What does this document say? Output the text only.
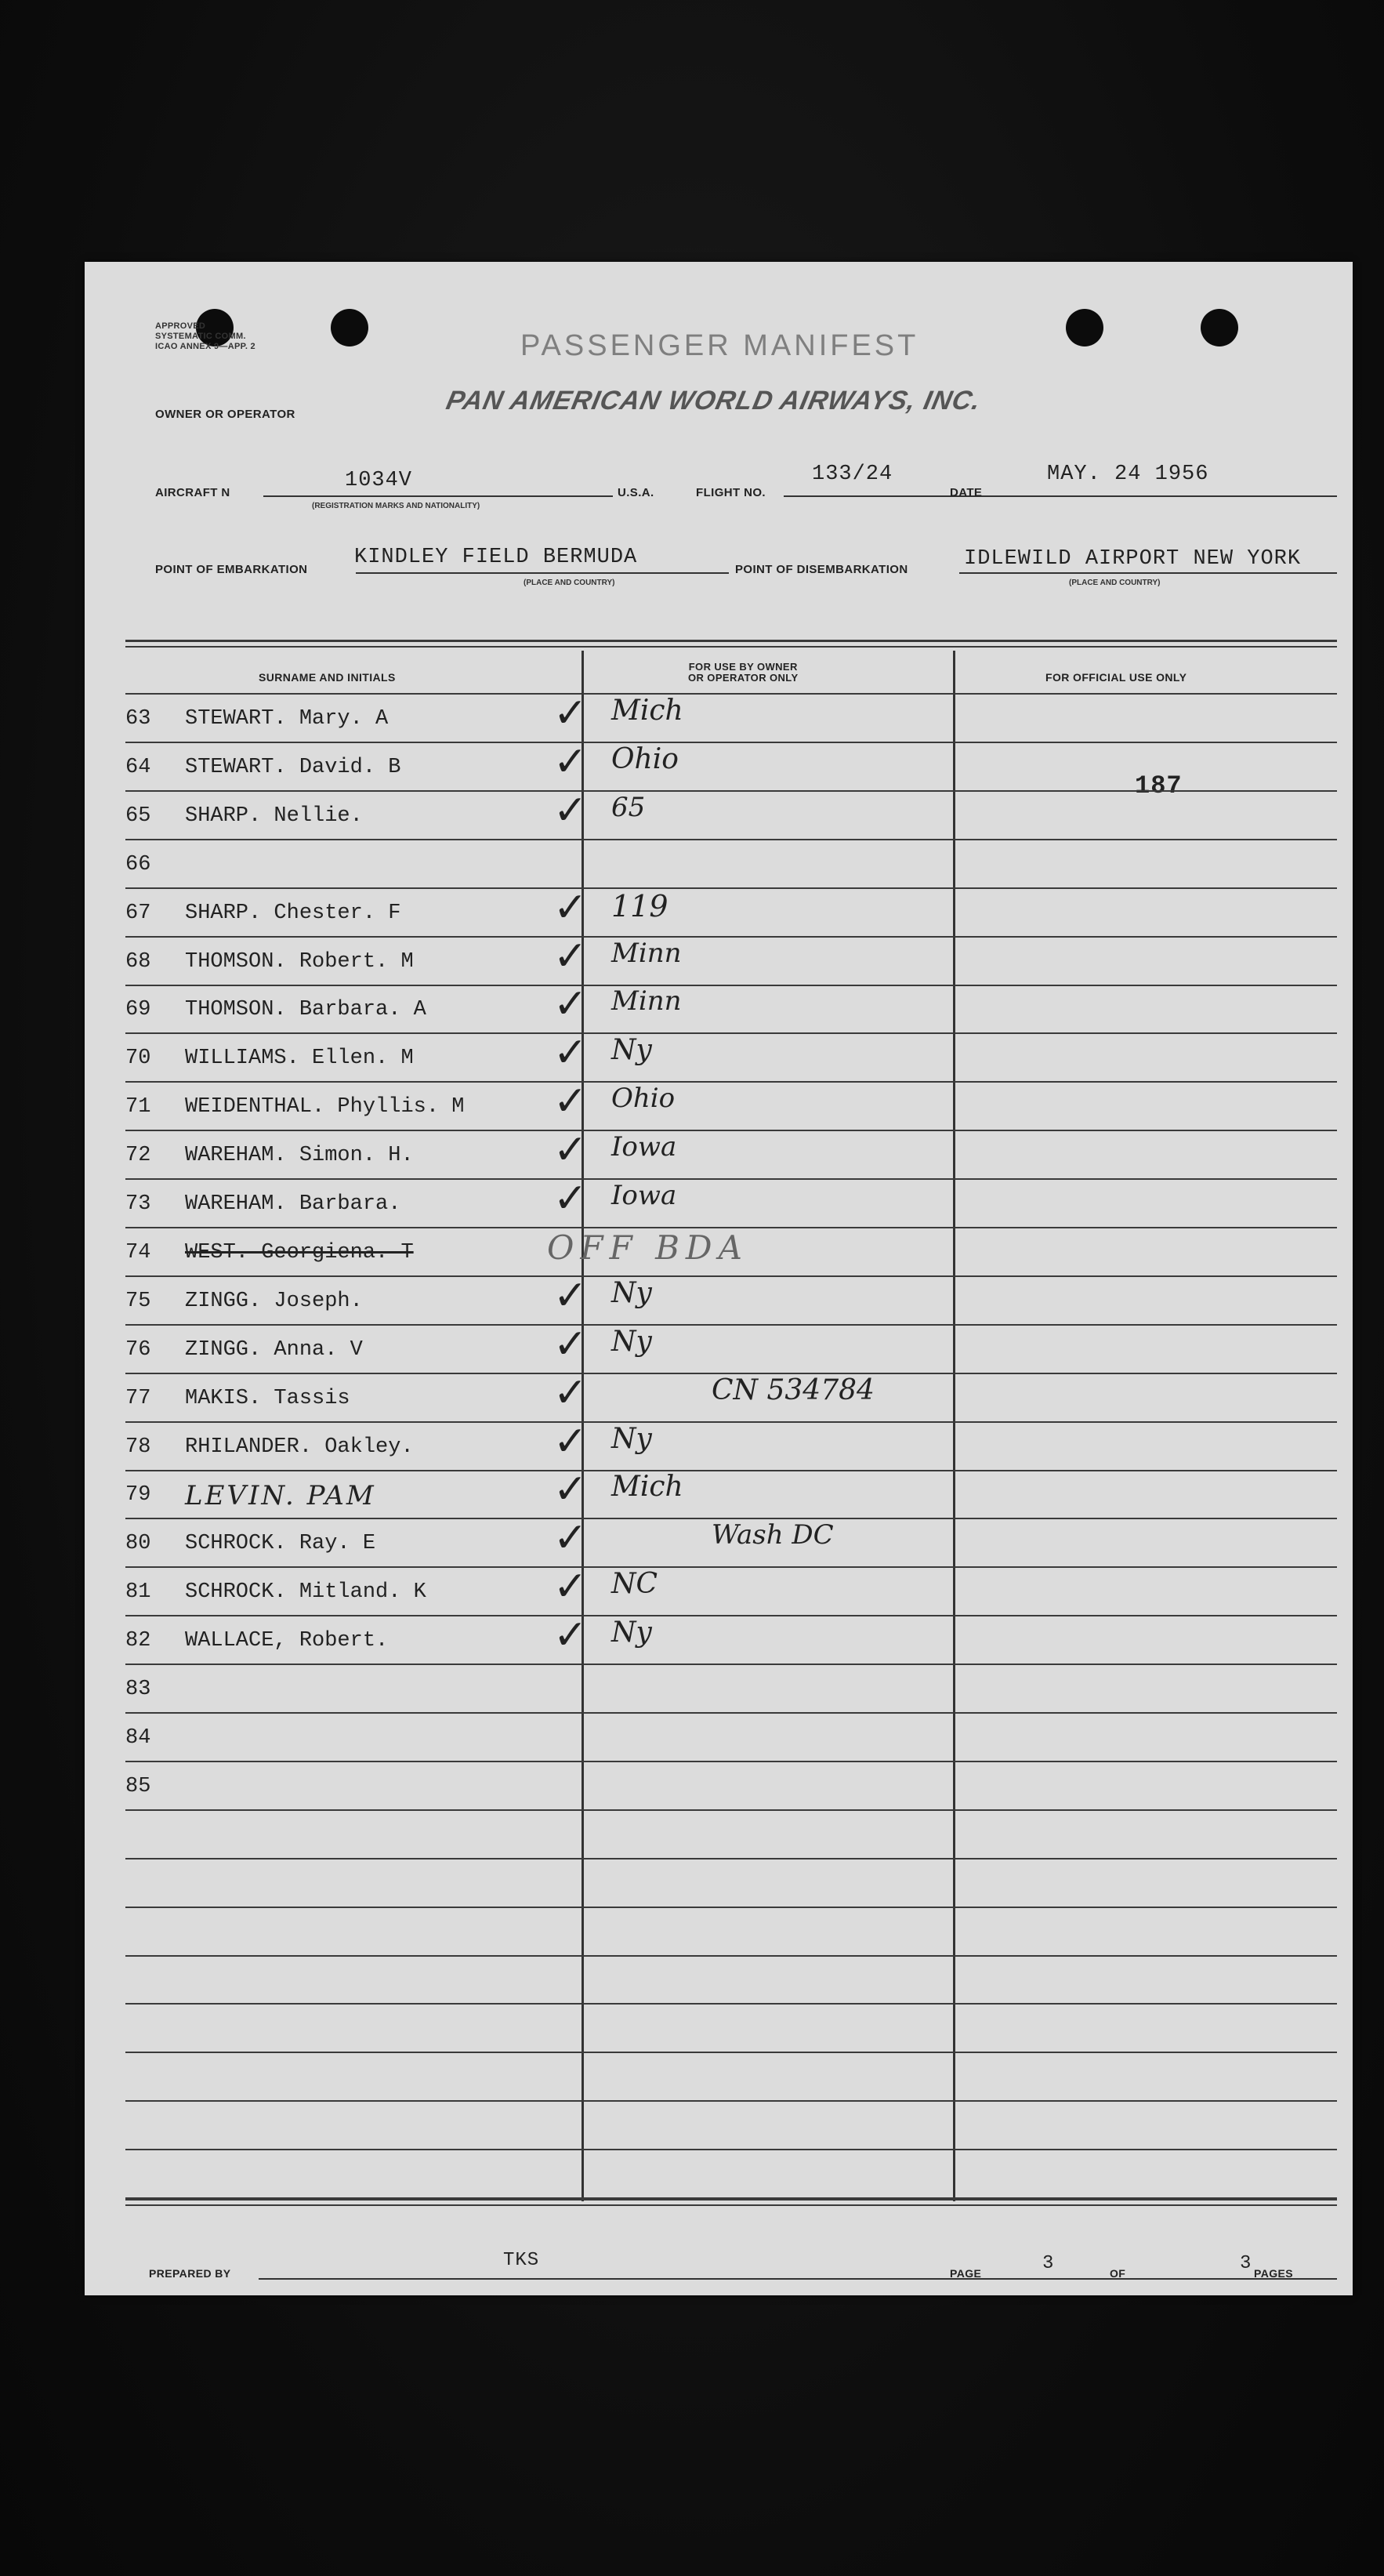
APPROVED
SYSTEMATIC COMM.
ICAO ANNEX 9—APP. 2	PASSENGER MANIFEST
PAN AMERICAN WORLD AIRWAYS, INC.
OWNER OR OPERATOR
AIRCRAFT N
1034V
(REGISTRATION MARKS AND NATIONALITY)
U.S.A.	FLIGHT NO.
133/24
DATE
MAY. 24 1956
POINT OF EMBARKATION
KINDLEY FIELD BERMUDA
(PLACE AND COUNTRY)
POINT OF DISEMBARKATION	IDLEWILD AIRPORT NEW YORK
(PLACE AND COUNTRY)
SURNAME AND INITIALS
FOR USE BY OWNER
OR OPERATOR ONLY	FOR OFFICIAL USE ONLY
187
63	STEWART. Mary. A	✓ Mich
64	STEWART. David. B	✓ Ohio
65	SHARP. Nellie.	✓ 65
66
67	SHARP. Chester. F	✓ 119
68	THOMSON. Robert. M	✓ Minn
69	THOMSON. Barbara. A	✓ Minn
70	WILLIAMS. Ellen. M	✓ Ny
71	WEIDENTHAL. Phyllis. M ✓ Ohio
72	WAREHAM. Simon. H.	✓ Iowa
73	WAREHAM. Barbara.	✓ Iowa
74	WEST. Georgiena. T	OFF BDA
75	ZINGG. Joseph.	✓ Ny
76	ZINGG. Anna. V	✓ Ny
77	MAKIS. Tassis	✓	CN 534784
78	RHILANDER. Oakley.	✓ Ny
79	LEVIN. PAM	✓ Mich
80	SCHROCK. Ray. E	✓	Wash DC
81	SCHROCK. Mitland. K	✓ NC
82	WALLACE, Robert.	✓ Ny
83
84
85
PREPARED BY
TKS
PAGE	3	OF	3 PAGES
